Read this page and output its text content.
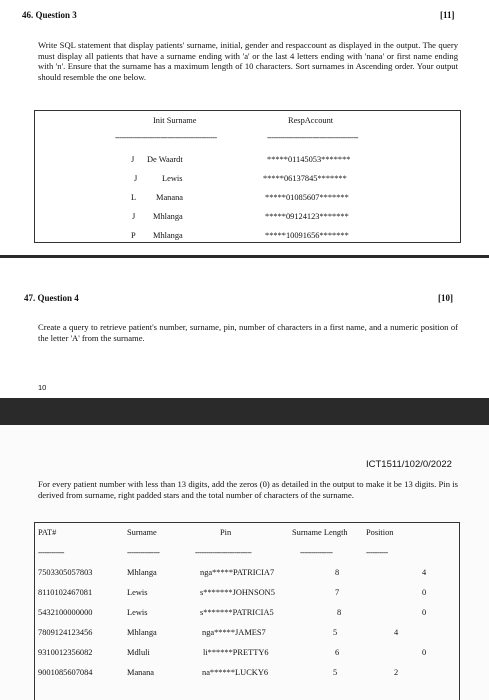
46. Question 3	[11]
Write SQL statement that display patients' surname, initial, gender and respaccount as displayed in the output. The query must display all patients that have a surname ending with 'a' or the last 4 letters ending with 'nana' or first name ending with 'n'. Ensure that the surname has a maximum length of 10 characters. Sort surnames in Ascending order. Your output should resemble the one below.
Init Surname	RespAccount
-----------------------------------------------	------------------------------------------
J De Waardt	*****01145053*******
J	Lewis	*****06137845*******
L Manana	*****01085607*******
J Mhlanga	*****09124123*******
P Mhlanga	*****10091656*******
47. Question 4	[10]
Create a query to retrieve patient's number, surname, pin, number of characters in a first name, and a numeric position of the letter 'A' from the surname.
10
ICT1511/102/0/2022
For every patient number with less than 13 digits, add the zeros (0) as detailed in the output to make it be 13 digits. Pin is derived from surname, right padded stars and the total number of characters of the surname.
PAT#	Surname	Pin	Surname Length Position
------------	---------------	--------------------------	---------------	----------
7503305057803	Mhlanga	nga*****PATRICIA7	8	4
8110102467081	Lewis	s*******JOHNSON5	7	0
5432100000000	Lewis	s*******PATRICIA5	8	0
7809124123456	Mhlanga	nga*****JAMES7	5	4
9310012356082	Mdluli	li******PRETTY6	6	0
9001085607084	Manana	na******LUCKY6	5	2
